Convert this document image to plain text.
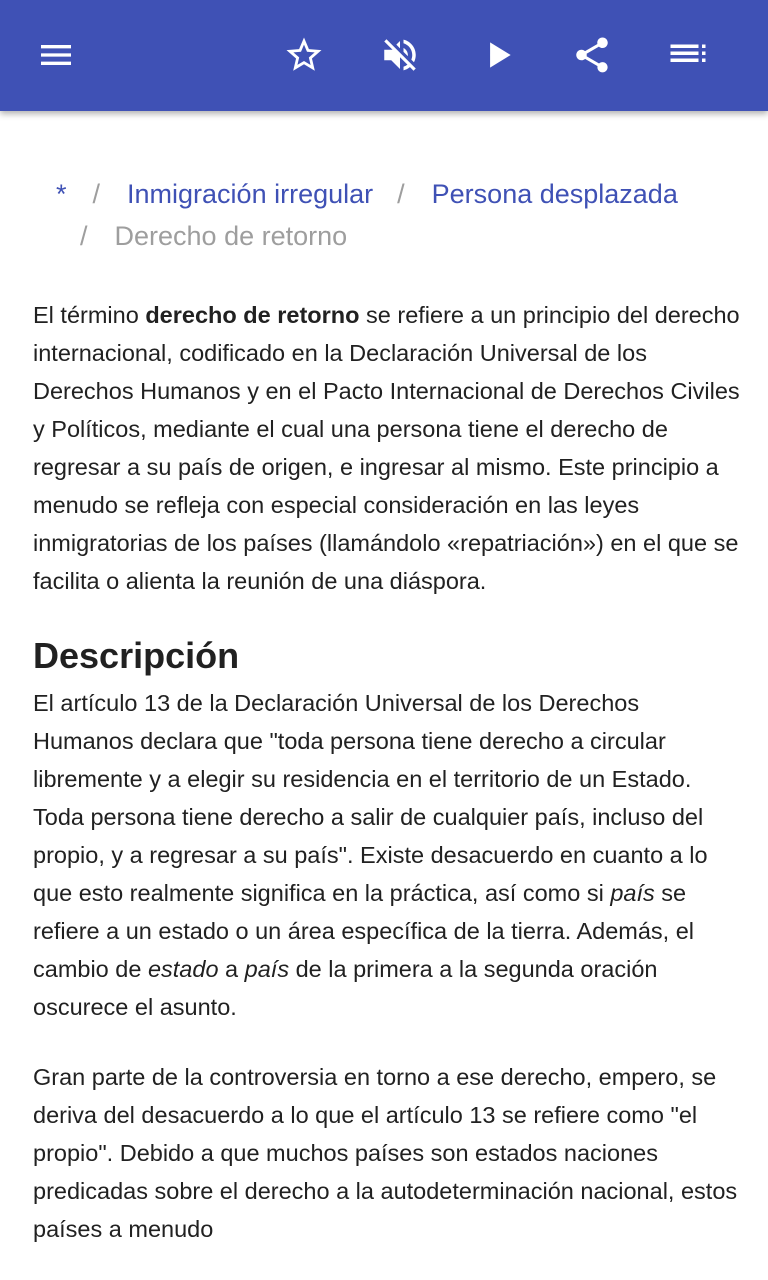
* / Inmigración irregular / Persona desplazada
/ Derecho de retorno

El término derecho de retorno se refiere a un principio del derecho internacional, codificado en la Declaración Universal de los Derechos Humanos y en el Pacto Internacional de Derechos Civiles y Políticos, mediante el cual una persona tiene el derecho de regresar a su país de origen, e ingresar al mismo. Este principio a menudo se refleja con especial consideración en las leyes inmigratorias de los países (llamándolo «repatriación») en el que se facilita o alienta la reunión de una diáspora.

Descripción

El artículo 13 de la Declaración Universal de los Derechos Humanos declara que "toda persona tiene derecho a circular libremente y a elegir su residencia en el territorio de un Estado. Toda persona tiene derecho a salir de cualquier país, incluso del propio, y a regresar a su país". Existe desacuerdo en cuanto a lo que esto realmente significa en la práctica, así como si país se refiere a un estado o un área específica de la tierra. Además, el cambio de estado a país de la primera a la segunda oración oscurece el asunto.

Gran parte de la controversia en torno a ese derecho, empero, se deriva del desacuerdo a lo que el artículo 13 se refiere como "el propio". Debido a que muchos países son estados naciones predicadas sobre el derecho a la autodeterminación nacional, estos países a menudo
